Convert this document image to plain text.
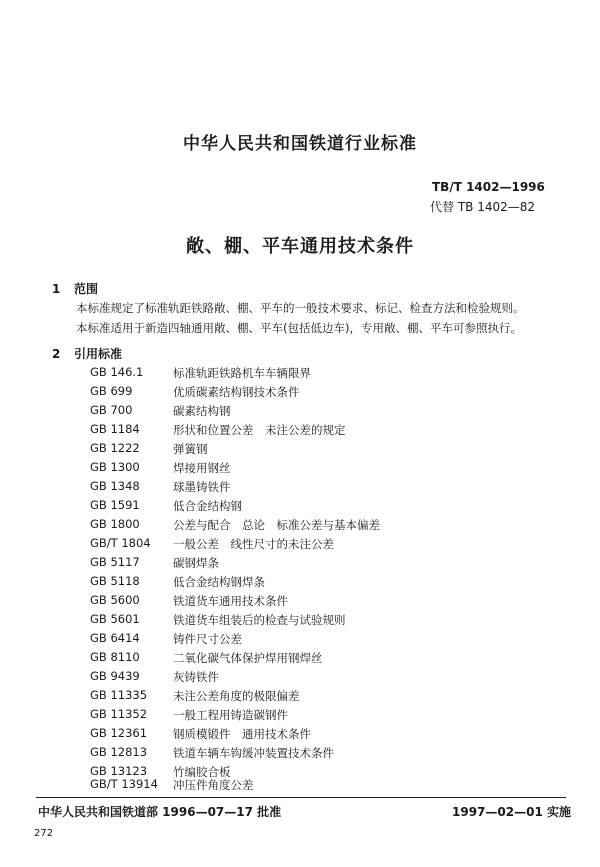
中华人民共和国铁道行业标准
TB/T 1402—1996
代替 TB 1402—82
敞、棚、平车通用技术条件
1 范围
本标准规定了标准轨距铁路敞、棚、平车的一般技术要求、标记、检查方法和检验规则。
本标准适用于新造四轴通用敞、棚、平车(包括低边车)，专用敞、棚、平车可参照执行。
2 引用标准
GB 146.1	标准轨距铁路机车车辆限界
GB 699	优质碳素结构钢技术条件
GB 700	碳素结构钢
GB 1184	形状和位置公差　未注公差的规定
GB 1222	弹簧钢
GB 1300	焊接用钢丝
GB 1348	球墨铸铁件
GB 1591	低合金结构钢
GB 1800	公差与配合　总论　标准公差与基本偏差
GB/T 1804	一般公差　线性尺寸的未注公差
GB 5117	碳钢焊条
GB 5118	低合金结构钢焊条
GB 5600	铁道货车通用技术条件
GB 5601	铁道货车组装后的检查与试验规则
GB 6414	铸件尺寸公差
GB 8110	二氧化碳气体保护焊用钢焊丝
GB 9439	灰铸铁件
GB 11335	未注公差角度的极限偏差
GB 11352	一般工程用铸造碳钢件
GB 12361	钢质模锻件　通用技术条件
GB 12813	铁道车辆车钩缓冲装置技术条件
GB 13123	竹编胶合板
GB/T 13914	冲压件角度公差
中华人民共和国铁道部 1996—07—17 批准	1997—02—01 实施
272
